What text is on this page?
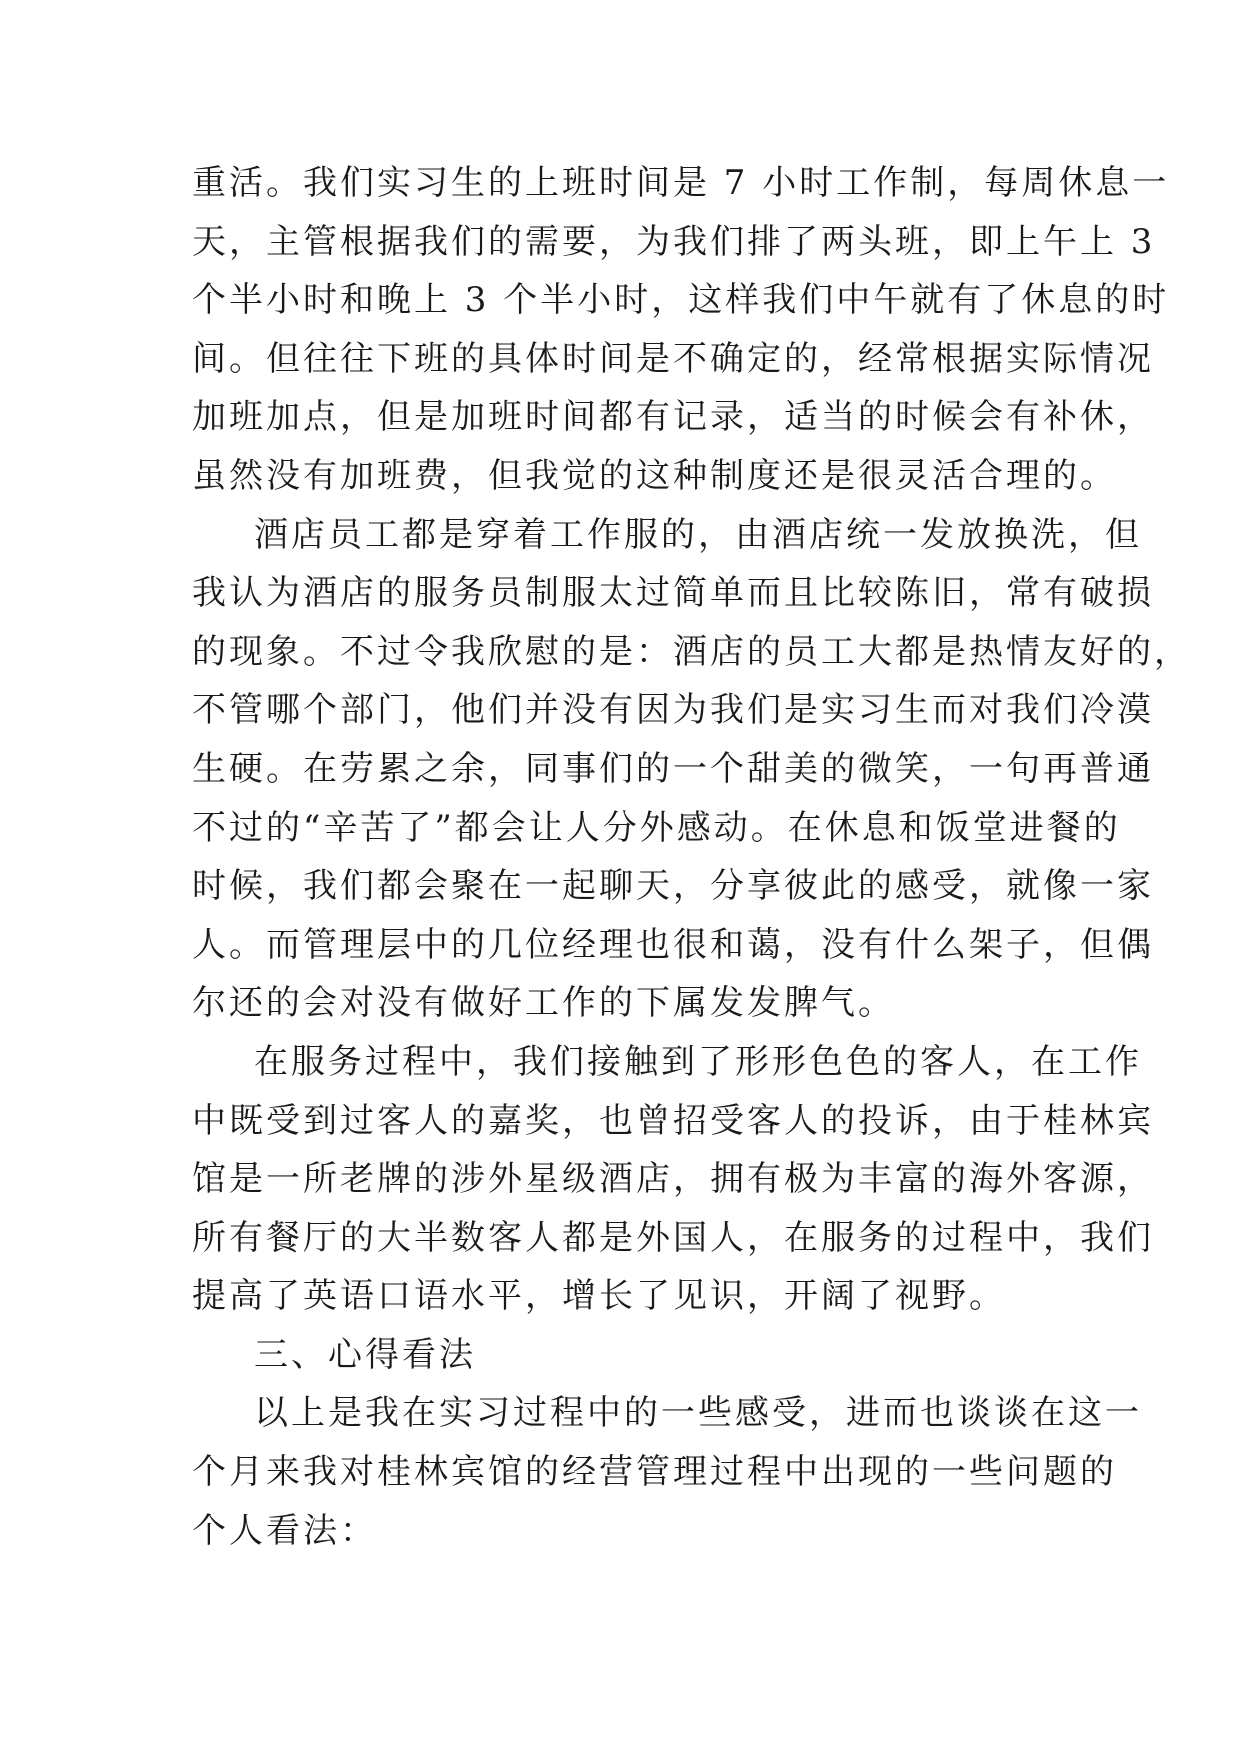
重活。我们实习生的上班时间是 7 小时工作制，每周休息一
天，主管根据我们的需要，为我们排了两头班，即上午上 3
个半小时和晚上 3 个半小时，这样我们中午就有了休息的时
间。但往往下班的具体时间是不确定的，经常根据实际情况
加班加点，但是加班时间都有记录，适当的时候会有补休，
虽然没有加班费，但我觉的这种制度还是很灵活合理的。
酒店员工都是穿着工作服的，由酒店统一发放换洗，但
我认为酒店的服务员制服太过简单而且比较陈旧，常有破损
的现象。不过令我欣慰的是：酒店的员工大都是热情友好的，
不管哪个部门，他们并没有因为我们是实习生而对我们冷漠
生硬。在劳累之余，同事们的一个甜美的微笑，一句再普通
不过的“辛苦了”都会让人分外感动。在休息和饭堂进餐的
时候，我们都会聚在一起聊天，分享彼此的感受，就像一家
人。而管理层中的几位经理也很和蔼，没有什么架子，但偶
尔还的会对没有做好工作的下属发发脾气。
在服务过程中，我们接触到了形形色色的客人，在工作
中既受到过客人的嘉奖，也曾招受客人的投诉，由于桂林宾
馆是一所老牌的涉外星级酒店，拥有极为丰富的海外客源，
所有餐厅的大半数客人都是外国人，在服务的过程中，我们
提高了英语口语水平，增长了见识，开阔了视野。
三、心得看法
以上是我在实习过程中的一些感受，进而也谈谈在这一
个月来我对桂林宾馆的经营管理过程中出现的一些问题的
个人看法：
